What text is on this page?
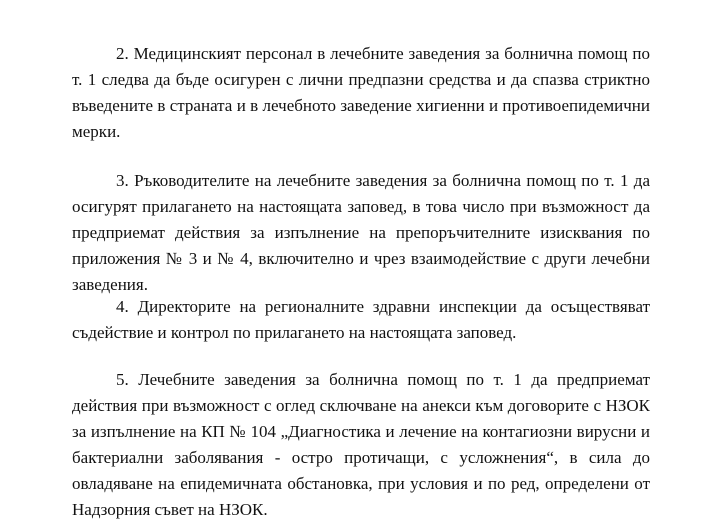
2. Медицинският персонал в лечебните заведения за болнична помощ по т. 1 следва да бъде осигурен с лични предпазни средства и да спазва стриктно въведените в страната и в лечебното заведение хигиенни и противоепидемични мерки.

3. Ръководителите на лечебните заведения за болнична помощ по т. 1 да осигурят прилагането на настоящата заповед, в това число при възможност да предприемат действия за изпълнение на препоръчителните изисквания по приложения № 3 и № 4, включително и чрез взаимодействие с други лечебни заведения.

4. Директорите на регионалните здравни инспекции да осъществяват съдействие и контрол по прилагането на настоящата заповед.

5. Лечебните заведения за болнична помощ по т. 1 да предприемат действия при възможност с оглед сключване на анекси към договорите с НЗОК за изпълнение на КП № 104 „Диагностика и лечение на контагиозни вирусни и бактериални заболявания - остро протичащи, с усложнения“, в сила до овладяване на епидемичната обстановка, при условия и по ред, определени от Надзорния съвет на НЗОК.
